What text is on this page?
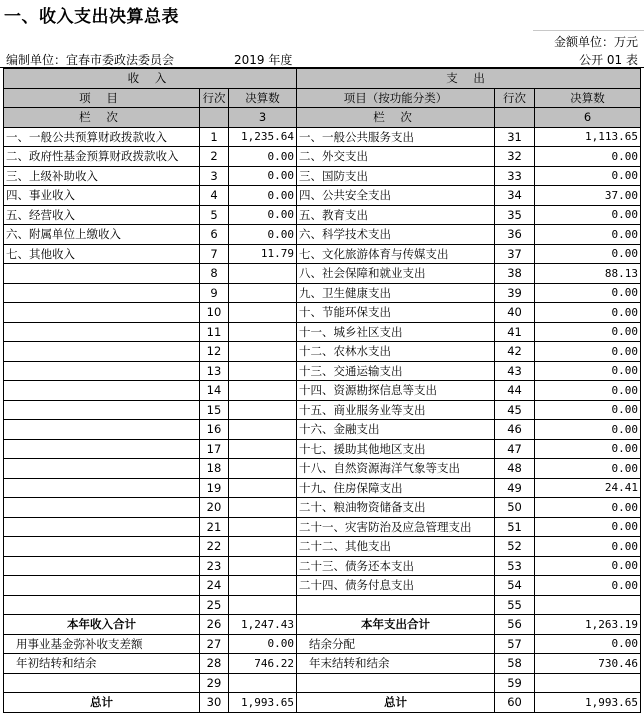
一、收入支出决算总表
金额单位：万元
编制单位：宜春市委政法委员会	2019 年度	公开 01 表
收 入			支 出		
项 目	行次	决算数	项目（按功能分类）	行次	决算数
栏 次		3	栏 次		6
一、一般公共预算财政拨款收入	1	1,235.64	一、一般公共服务支出	31	1,113.65
二、政府性基金预算财政拨款收入	2	0.00	二、外交支出	32	0.00
三、上级补助收入	3	0.00	三、国防支出	33	0.00
四、事业收入	4	0.00	四、公共安全支出	34	37.00
五、经营收入	5	0.00	五、教育支出	35	0.00
六、附属单位上缴收入	6	0.00	六、科学技术支出	36	0.00
七、其他收入	7	11.79	七、文化旅游体育与传媒支出	37	0.00
	8		八、社会保障和就业支出	38	88.13
	9		九、卫生健康支出	39	0.00
	10		十、节能环保支出	40	0.00
	11		十一、城乡社区支出	41	0.00
	12		十二、农林水支出	42	0.00
	13		十三、交通运输支出	43	0.00
	14		十四、资源勘探信息等支出	44	0.00
	15		十五、商业服务业等支出	45	0.00
	16		十六、金融支出	46	0.00
	17		十七、援助其他地区支出	47	0.00
	18		十八、自然资源海洋气象等支出	48	0.00
	19		十九、住房保障支出	49	24.41
	20		二十、粮油物资储备支出	50	0.00
	21		二十一、灾害防治及应急管理支出	51	0.00
	22		二十二、其他支出	52	0.00
	23		二十三、债务还本支出	53	0.00
	24		二十四、债务付息支出	54	0.00
	25			55	
本年收入合计	26	1,247.43	本年支出合计	56	1,263.19
用事业基金弥补收支差额	27	0.00	结余分配	57	0.00
年初结转和结余	28	746.22	年末结转和结余	58	730.46
	29			59	
总计	30	1,993.65	总计	60	1,993.65
